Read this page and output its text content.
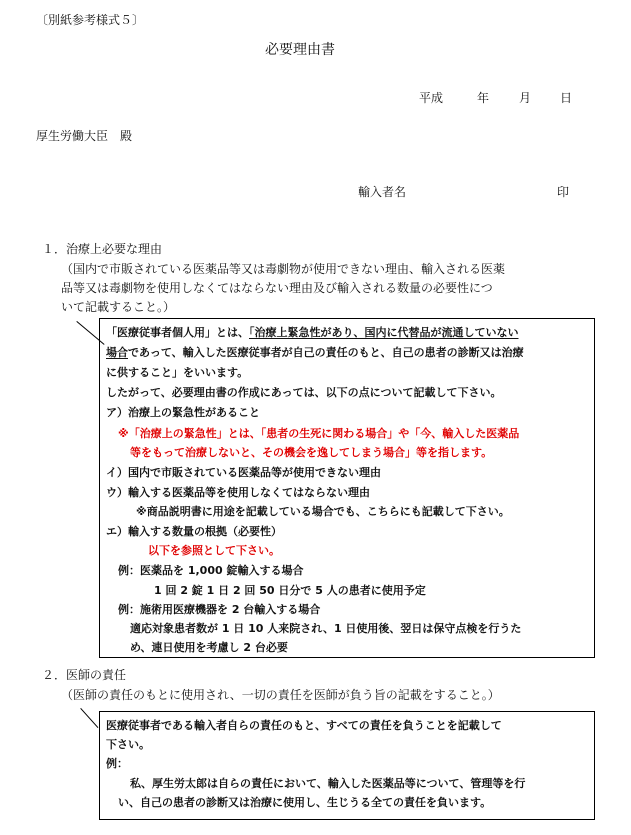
〔別紙参考様式５〕
必要理由書
平成	年 月 日
厚生労働大臣　殿
輸入者名	印
１．治療上必要な理由
（国内で市販されている医薬品等又は毒劇物が使用できない理由、輸入される医薬
品等又は毒劇物を使用しなくてはならない理由及び輸入される数量の必要性につ
いて記載すること。）
「医療従事者個人用」とは、「治療上緊急性があり、国内に代替品が流通していない
場合であって、輸入した医療従事者が自己の責任のもと、自己の患者の診断又は治療
に供すること」をいいます。
したがって、必要理由書の作成にあっては、以下の点について記載して下さい。
ア）治療上の緊急性があること
※「治療上の緊急性」とは、「患者の生死に関わる場合」や「今、輸入した医薬品
等をもって治療しないと、その機会を逸してしまう場合」等を指します。
イ）国内で市販されている医薬品等が使用できない理由
ウ）輸入する医薬品等を使用しなくてはならない理由
※商品説明書に用途を記載している場合でも、こちらにも記載して下さい。
エ）輸入する数量の根拠（必要性）
以下を参照として下さい。
例：医薬品を 1,000 錠輸入する場合
1 回 2 錠 1 日 2 回 50 日分で 5 人の患者に使用予定
例：施術用医療機器を 2 台輸入する場合
適応対象患者数が 1 日 10 人来院され、1 日使用後、翌日は保守点検を行うた
め、連日使用を考慮し 2 台必要
２．医師の責任
（医師の責任のもとに使用され、一切の責任を医師が負う旨の記載をすること。）
医療従事者である輸入者自らの責任のもと、すべての責任を負うことを記載して
下さい。
例：
私、厚生労太郎は自らの責任において、輸入した医薬品等について、管理等を行
い、自己の患者の診断又は治療に使用し、生じうる全ての責任を負います。
